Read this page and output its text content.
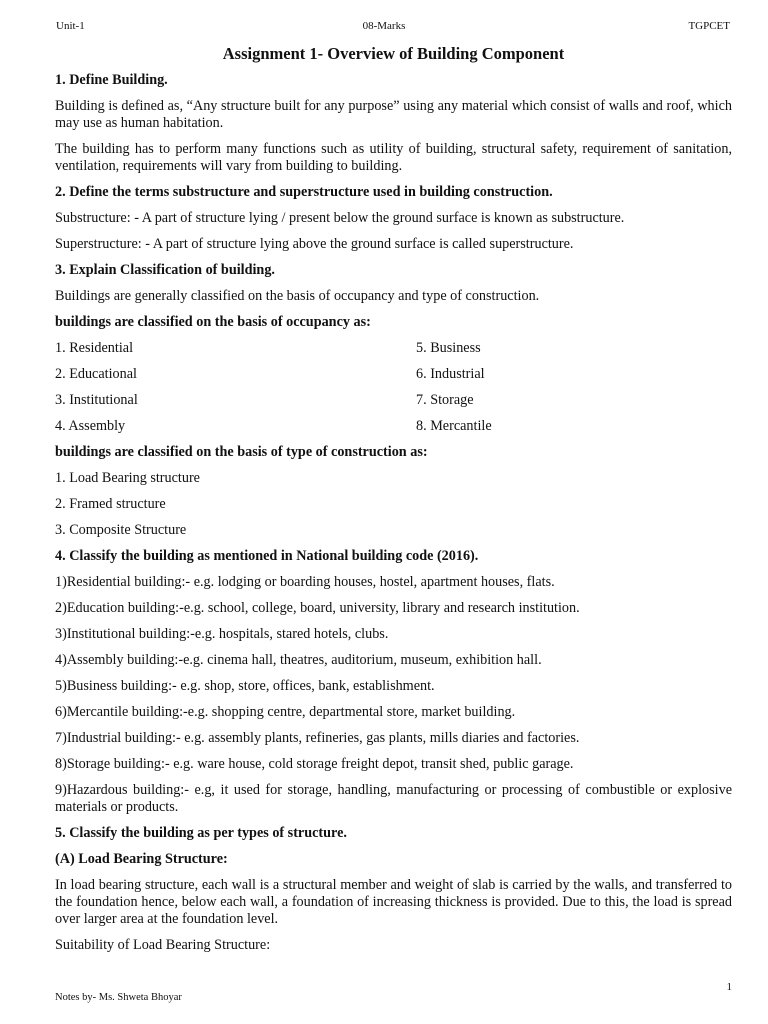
Unit-1	08-Marks	TGPCET
Assignment 1- Overview of Building Component
1. Define Building.
Building is defined as, “Any structure built for any purpose” using any material which consist of walls and roof, which may use as human habitation.
The building has to perform many functions such as utility of building, structural safety, requirement of sanitation, ventilation, requirements will vary from building to building.
2. Define the terms substructure and superstructure used in building construction.
Substructure: - A part of structure lying / present below the ground surface is known as substructure.
Superstructure: - A part of structure lying above the ground surface is called superstructure.
3. Explain Classification of building.
Buildings are generally classified on the basis of occupancy and type of construction.
buildings are classified on the basis of occupancy as:
1. Residential	5. Business
2. Educational	6. Industrial
3. Institutional	7. Storage
4. Assembly	8. Mercantile
buildings are classified on the basis of type of construction as:
1. Load Bearing structure
2. Framed structure
3. Composite Structure
4. Classify the building as mentioned in National building code (2016).
1)Residential building:- e.g. lodging or boarding houses, hostel, apartment houses, flats.
2)Education building:-e.g. school, college, board, university, library and research institution.
3)Institutional building:-e.g. hospitals, stared hotels, clubs.
4)Assembly building:-e.g. cinema hall, theatres, auditorium, museum, exhibition hall.
5)Business building:- e.g. shop, store, offices, bank, establishment.
6)Mercantile building:-e.g. shopping centre, departmental store, market building.
7)Industrial building:- e.g. assembly plants, refineries, gas plants, mills diaries and factories.
8)Storage building:- e.g. ware house, cold storage freight depot, transit shed, public garage.
9)Hazardous building:- e.g, it used for storage, handling, manufacturing or processing of combustible or explosive materials or products.
5. Classify the building as per types of structure.
(A) Load Bearing Structure:
In load bearing structure, each wall is a structural member and weight of slab is carried by the walls, and transferred to the foundation hence, below each wall, a foundation of increasing thickness is provided. Due to this, the load is spread over larger area at the foundation level.
Suitability of Load Bearing Structure:
1
Notes by- Ms. Shweta Bhoyar
